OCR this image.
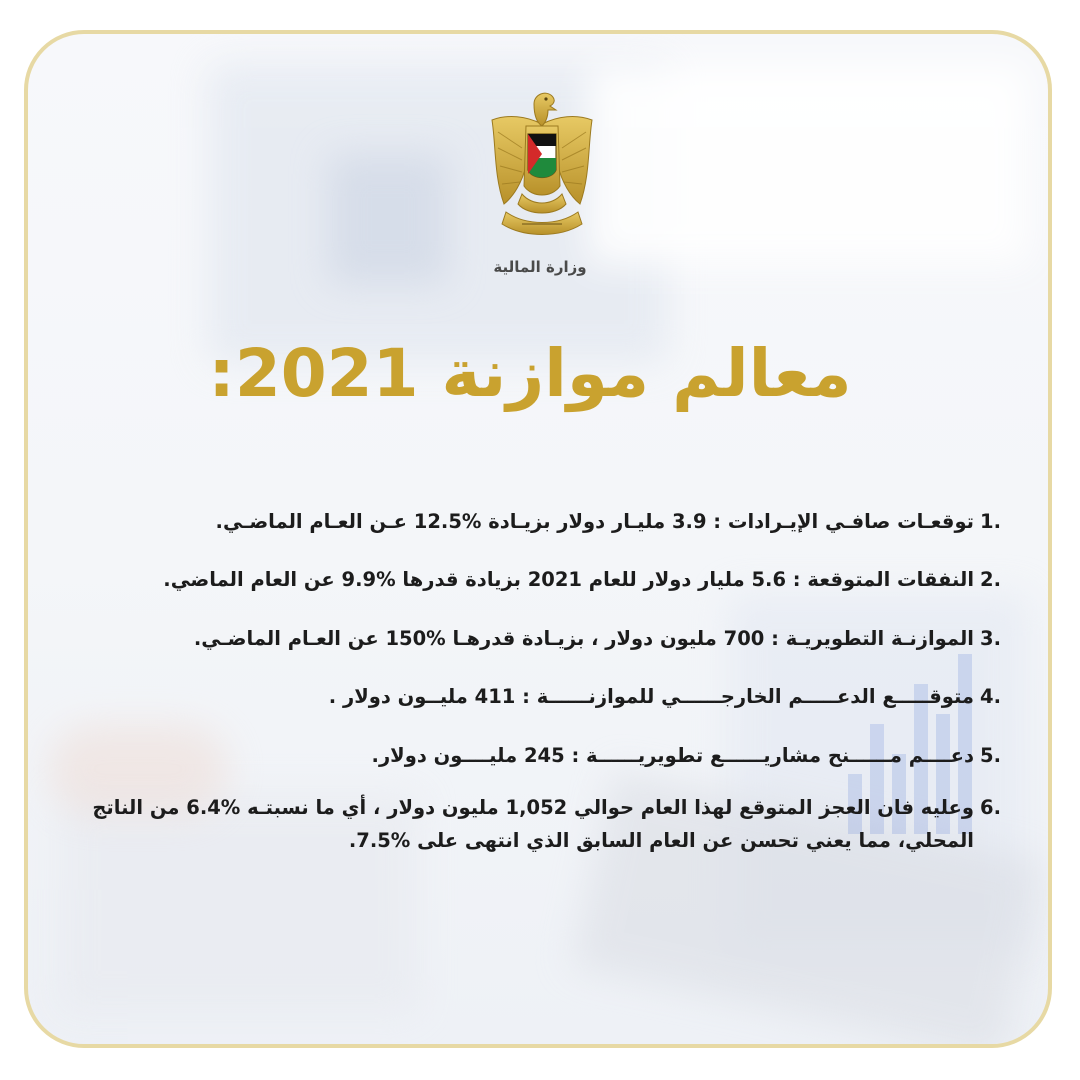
وزارة المالية
معالم موازنة 2021:
1.
توقعـات صافـي الإيـرادات : 3.9 مليـار دولار بزيـادة %12.5 عـن العـام الماضـي.
2.
النفقات المتوقعة : 5.6 مليار دولار للعام 2021 بزيادة قدرها %9.9 عن العام الماضي.
3.
الموازنـة التطويريـة : 700 مليون دولار ، بزيـادة قدرهـا %150 عن العـام الماضـي.
4.
متوقـــــع الدعـــــم الخارجــــــي للموازنــــــة : 411 مليــون دولار .
5.
دعــــم مــــــنح مشاريــــــع تطويريــــــة : 245 مليــــون دولار.
6.
وعليه فان العجز المتوقع لهذا العام حوالي 1,052 مليون دولار ، أي ما نسبتـه %6.4 من الناتج المحلي، مما يعني تحسن عن العام السابق الذي انتهى على %7.5.
